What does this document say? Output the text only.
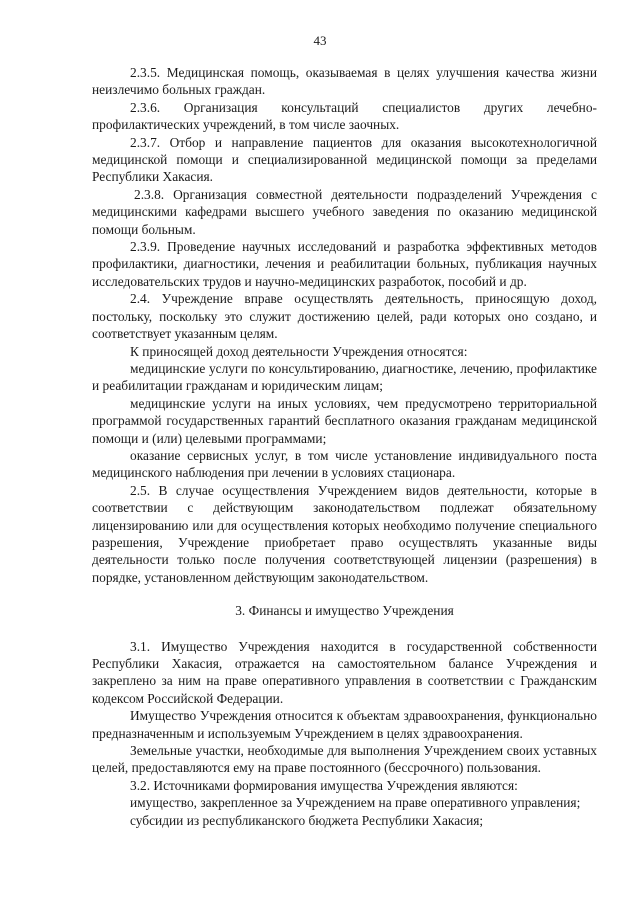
43

2.3.5. Медицинская помощь, оказываемая в целях улучшения качества жизни неизлечимо больных граждан.

2.3.6. Организация консультаций специалистов других лечебно-профилактических учреждений, в том числе заочных.

2.3.7. Отбор и направление пациентов для оказания высокотехнологичной медицинской помощи и специализированной медицинской помощи за пределами Республики Хакасия.

2.3.8. Организация совместной деятельности подразделений Учреждения с медицинскими кафедрами высшего учебного заведения по оказанию медицинской помощи больным.

2.3.9. Проведение научных исследований и разработка эффективных методов профилактики, диагностики, лечения и реабилитации больных, публикация научных исследовательских трудов и научно-медицинских разработок, пособий и др.

2.4. Учреждение вправе осуществлять деятельность, приносящую доход, постольку, поскольку это служит достижению целей, ради которых оно создано, и соответствует указанным целям.

К приносящей доход деятельности Учреждения относятся:

медицинские услуги по консультированию, диагностике, лечению, профилактике и реабилитации гражданам и юридическим лицам;

медицинские услуги на иных условиях, чем предусмотрено территориальной программой государственных гарантий бесплатного оказания гражданам медицинской помощи и (или) целевыми программами;

оказание сервисных услуг, в том числе установление индивидуального поста медицинского наблюдения при лечении в условиях стационара.

2.5. В случае осуществления Учреждением видов деятельности, которые в соответствии с действующим законодательством подлежат обязательному лицензированию или для осуществления которых необходимо получение специального разрешения, Учреждение приобретает право осуществлять указанные виды деятельности только после получения соответствующей лицензии (разрешения) в порядке, установленном действующим законодательством.

3. Финансы и имущество Учреждения

3.1. Имущество Учреждения находится в государственной собственности Республики Хакасия, отражается на самостоятельном балансе Учреждения и закреплено за ним на праве оперативного управления в соответствии с Гражданским кодексом Российской Федерации.

Имущество Учреждения относится к объектам здравоохранения, функционально предназначенным и используемым Учреждением в целях здравоохранения.

Земельные участки, необходимые для выполнения Учреждением своих уставных целей, предоставляются ему на праве постоянного (бессрочного) пользования.

3.2. Источниками формирования имущества Учреждения являются:

имущество, закрепленное за Учреждением на праве оперативного управления;

субсидии из республиканского бюджета Республики Хакасия;
